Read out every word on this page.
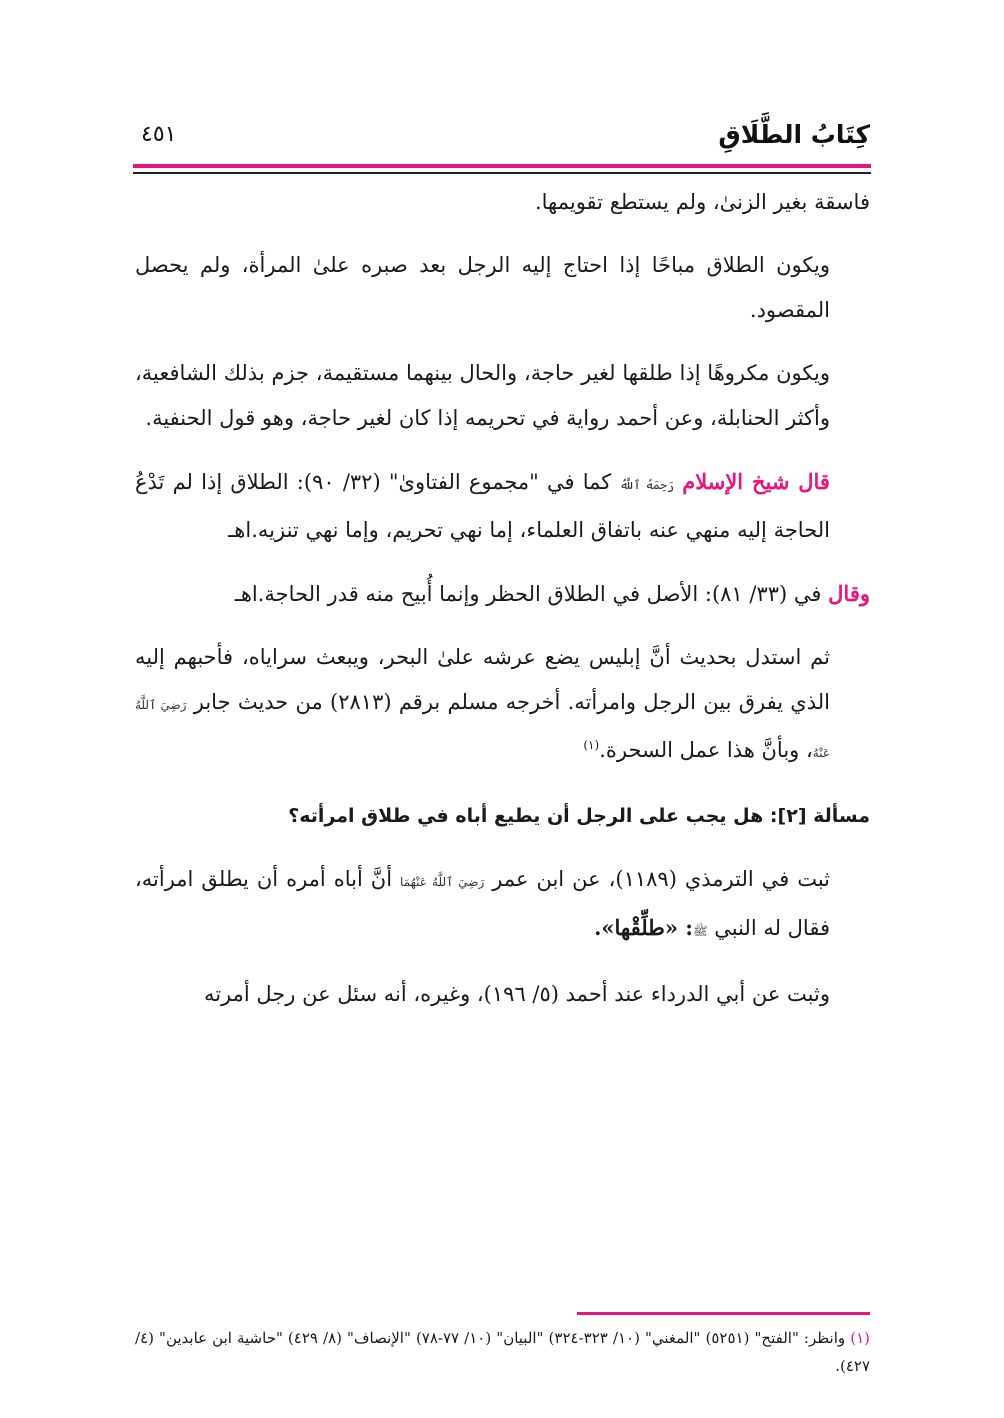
كِتَابُ الطَّلَاقِ
٤٥١

فاسقة بغير الزنىٰ، ولم يستطع تقويمها.

ويكون الطلاق مباحًا إذا احتاج إليه الرجل بعد صبره علىٰ المرأة، ولم يحصل المقصود.

ويكون مكروهًا إذا طلقها لغير حاجة، والحال بينهما مستقيمة، جزم بذلك الشافعية، وأكثر الحنابلة، وعن أحمد رواية في تحريمه إذا كان لغير حاجة، وهو قول الحنفية.

قال شيخ الإسلام رَحِمَهُ ٱللَّهُ كما في "مجموع الفتاوىٰ" (٣٢/ ٩٠): الطلاق إذا لم تَدْعُ الحاجة إليه منهي عنه باتفاق العلماء، إما نهي تحريم، وإما نهي تنزيه.اهـ

وقال في (٣٣/ ٨١): الأصل في الطلاق الحظر وإنما أُبيح منه قدر الحاجة.اهـ

ثم استدل بحديث أنَّ إبليس يضع عرشه علىٰ البحر، ويبعث سراياه، فأحبهم إليه الذي يفرق بين الرجل وامرأته. أخرجه مسلم برقم (٢٨١٣) من حديث جابر رَضِيَ ٱللَّهُ عَنْهُ، وبأنَّ هذا عمل السحرة.$^{(١)}$

مسألة [٢]: هل يجب على الرجل أن يطيع أباه في طلاق امرأته؟

ثبت في الترمذي (١١٨٩)، عن ابن عمر رَضِيَ ٱللَّهُ عَنْهُمَا أنَّ أباه أمره أن يطلق امرأته، فقال له النبي ﷺ: «طلِّقْها».

وثبت عن أبي الدرداء عند أحمد (٥/ ١٩٦)، وغيره، أنه سئل عن رجل أمرته

(١) وانظر: "الفتح" (٥٢٥١) "المغني" (١٠/ ٣٢٣-٣٢٤) "البيان" (١٠/ ٧٧-٧٨) "الإنصاف" (٨/ ٤٢٩) "حاشية ابن عابدين" (٤/ ٤٢٧).
